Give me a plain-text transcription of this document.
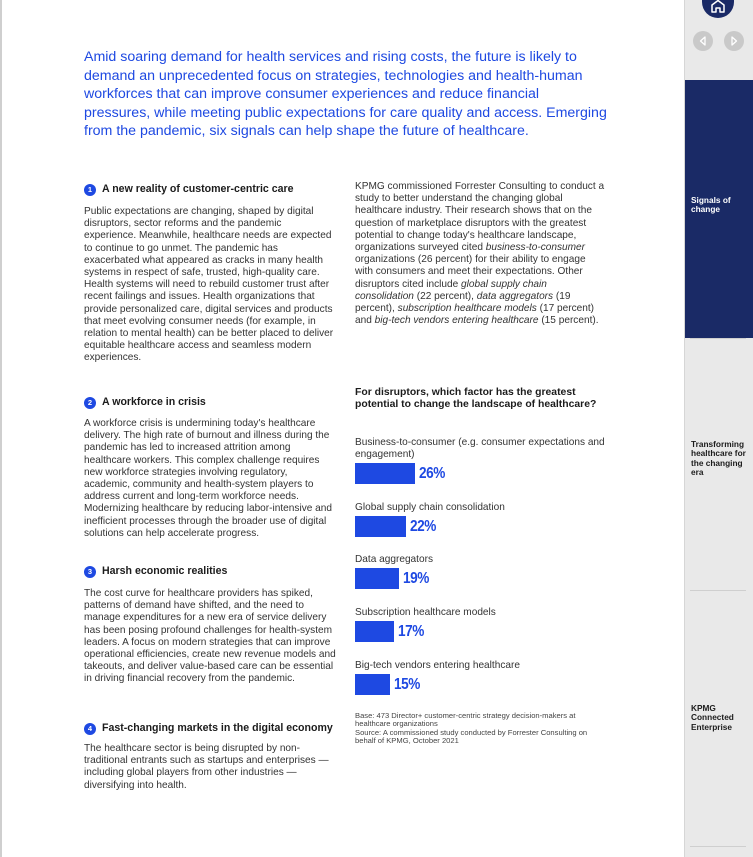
Amid soaring demand for health services and rising costs, the future is likely to demand an unprecedented focus on strategies, technologies and health-human workforces that can improve consumer experiences and reduce financial pressures, while meeting public expectations for care quality and access. Emerging from the pandemic, six signals can help shape the future of healthcare.

1 A new reality of customer-centric care

Public expectations are changing, shaped by digital disruptors, sector reforms and the pandemic experience. Meanwhile, healthcare needs are expected to continue to go unmet. The pandemic has exacerbated what appeared as cracks in many health systems in respect of safe, trusted, high-quality care. Health systems will need to rebuild customer trust after recent failings and issues. Health organizations that provide personalized care, digital services and products that meet evolving consumer needs (for example, in relation to mental health) can be better placed to deliver equitable healthcare access and seamless modern experiences.

2 A workforce in crisis

A workforce crisis is undermining today's healthcare delivery. The high rate of burnout and illness during the pandemic has led to increased attrition among healthcare workers. This complex challenge requires new workforce strategies involving regulatory, academic, community and health-system players to address current and long-term workforce needs. Modernizing healthcare by reducing labor-intensive and inefficient processes through the broader use of digital solutions can help accelerate progress.

3 Harsh economic realities

The cost curve for healthcare providers has spiked, patterns of demand have shifted, and the need to manage expenditures for a new era of service delivery has been posing profound challenges for health-system leaders. A focus on modern strategies that can improve operational efficiencies, create new revenue models and takeouts, and deliver value-based care can be essential in driving financial recovery from the pandemic.

4 Fast-changing markets in the digital economy

The healthcare sector is being disrupted by non-traditional entrants such as startups and enterprises — including global players from other industries — diversifying into health.

KPMG commissioned Forrester Consulting to conduct a study to better understand the changing global healthcare industry. Their research shows that on the question of marketplace disruptors with the greatest potential to change today's healthcare landscape, organizations surveyed cited business-to-consumer organizations (26 percent) for their ability to engage with consumers and meet their expectations. Other disruptors cited include global supply chain consolidation (22 percent), data aggregators (19 percent), subscription healthcare models (17 percent) and big-tech vendors entering healthcare (15 percent).

For disruptors, which factor has the greatest potential to change the landscape of healthcare?
Business-to-consumer (e.g. consumer expectations and engagement)
26%
Global supply chain consolidation
22%
Data aggregators
19%
Subscription healthcare models
17%
Big-tech vendors entering healthcare
15%
Base: 473 Director+ customer-centric strategy decision-makers at healthcare organizations
Source: A commissioned study conducted by Forrester Consulting on behalf of KPMG, October 2021
Signals of change
Transforming healthcare for the changing era
KPMG Connected Enterprise
